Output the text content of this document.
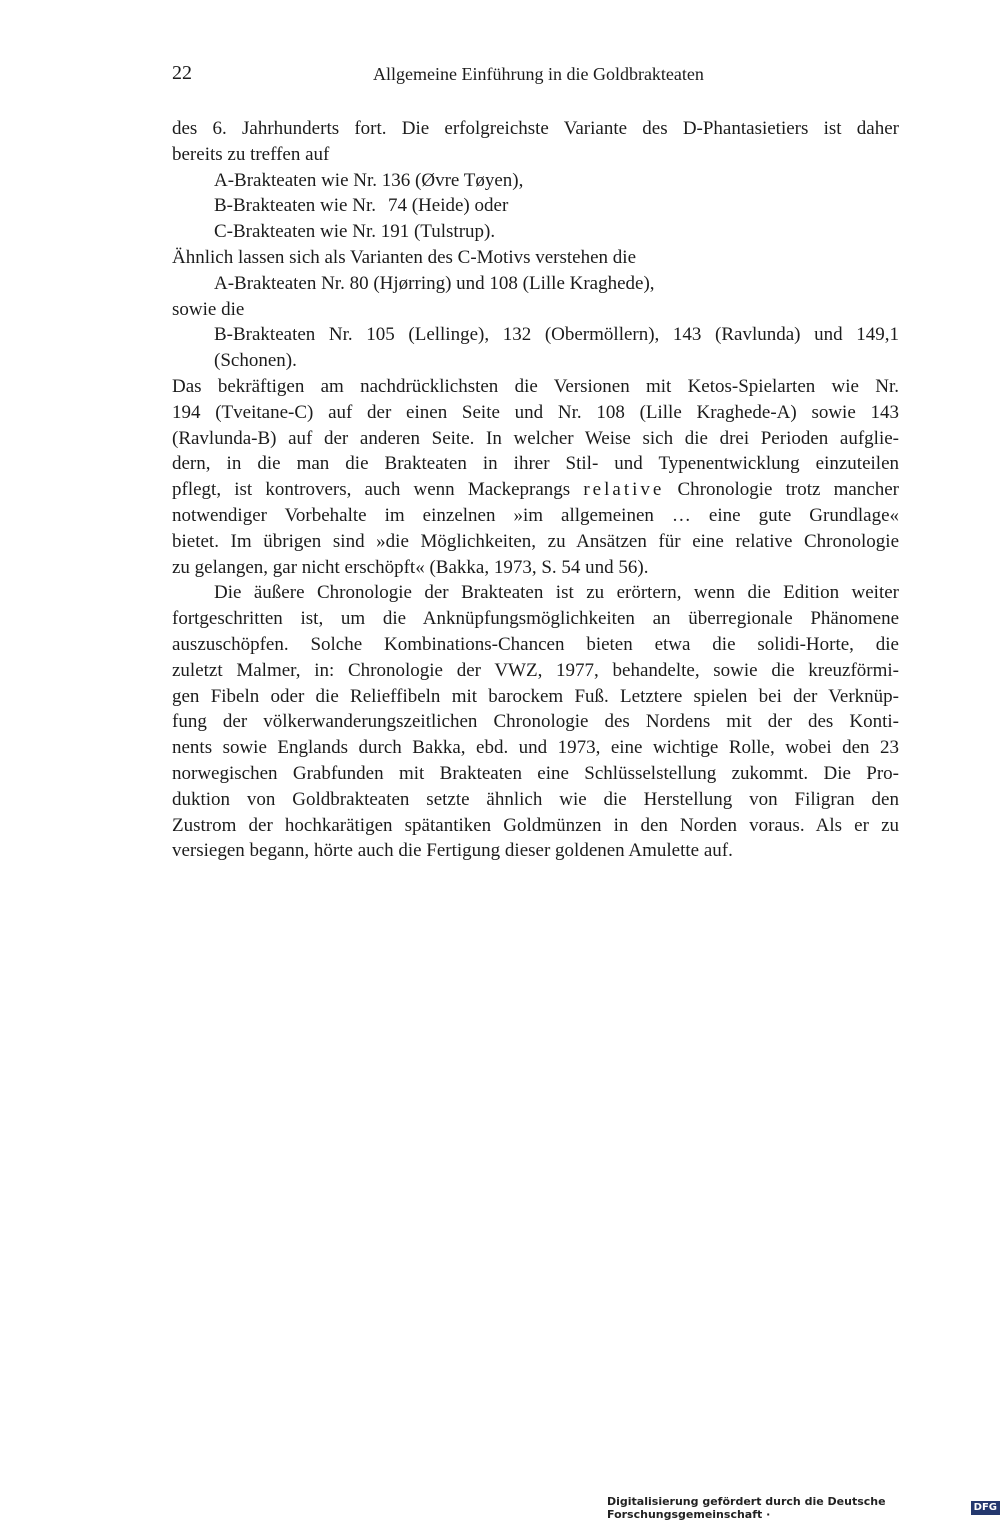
22	Allgemeine Einführung in die Goldbrakteaten
des 6. Jahrhunderts fort. Die erfolgreichste Variante des D-Phantasietiers ist daher
bereits zu treffen auf
A-Brakteaten wie Nr. 136 (Øvre Tøyen),
B-Brakteaten wie Nr. 74 (Heide) oder
C-Brakteaten wie Nr. 191 (Tulstrup).
Ähnlich lassen sich als Varianten des C-Motivs verstehen die
A-Brakteaten Nr. 80 (Hjørring) und 108 (Lille Kraghede),
sowie die
B-Brakteaten Nr. 105 (Lellinge), 132 (Obermöllern), 143 (Ravlunda) und 149,1
(Schonen).
Das bekräftigen am nachdrücklichsten die Versionen mit Ketos-Spielarten wie Nr.
194 (Tveitane-C) auf der einen Seite und Nr. 108 (Lille Kraghede-A) sowie 143
(Ravlunda-B) auf der anderen Seite. In welcher Weise sich die drei Perioden aufglie-
dern, in die man die Brakteaten in ihrer Stil- und Typenentwicklung einzuteilen
pflegt, ist kontrovers, auch wenn Mackeprangs relative Chronologie trotz mancher
notwendiger Vorbehalte im einzelnen »im allgemeinen … eine gute Grundlage«
bietet. Im übrigen sind »die Möglichkeiten, zu Ansätzen für eine relative Chronologie
zu gelangen, gar nicht erschöpft« (Bakka, 1973, S. 54 und 56).
Die äußere Chronologie der Brakteaten ist zu erörtern, wenn die Edition weiter
fortgeschritten ist, um die Anknüpfungsmöglichkeiten an überregionale Phänomene
auszuschöpfen. Solche Kombinations-Chancen bieten etwa die solidi-Horte, die
zuletzt Malmer, in: Chronologie der VWZ, 1977, behandelte, sowie die kreuzförmi-
gen Fibeln oder die Relieffibeln mit barockem Fuß. Letztere spielen bei der Verknüp-
fung der völkerwanderungszeitlichen Chronologie des Nordens mit der des Konti-
nents sowie Englands durch Bakka, ebd. und 1973, eine wichtige Rolle, wobei den 23
norwegischen Grabfunden mit Brakteaten eine Schlüsselstellung zukommt. Die Pro-
duktion von Goldbrakteaten setzte ähnlich wie die Herstellung von Filigran den
Zustrom der hochkarätigen spätantiken Goldmünzen in den Norden voraus. Als er zu
versiegen begann, hörte auch die Fertigung dieser goldenen Amulette auf.
Digitalisierung gefördert durch die Deutsche Forschungsgemeinschaft ·
DFG
